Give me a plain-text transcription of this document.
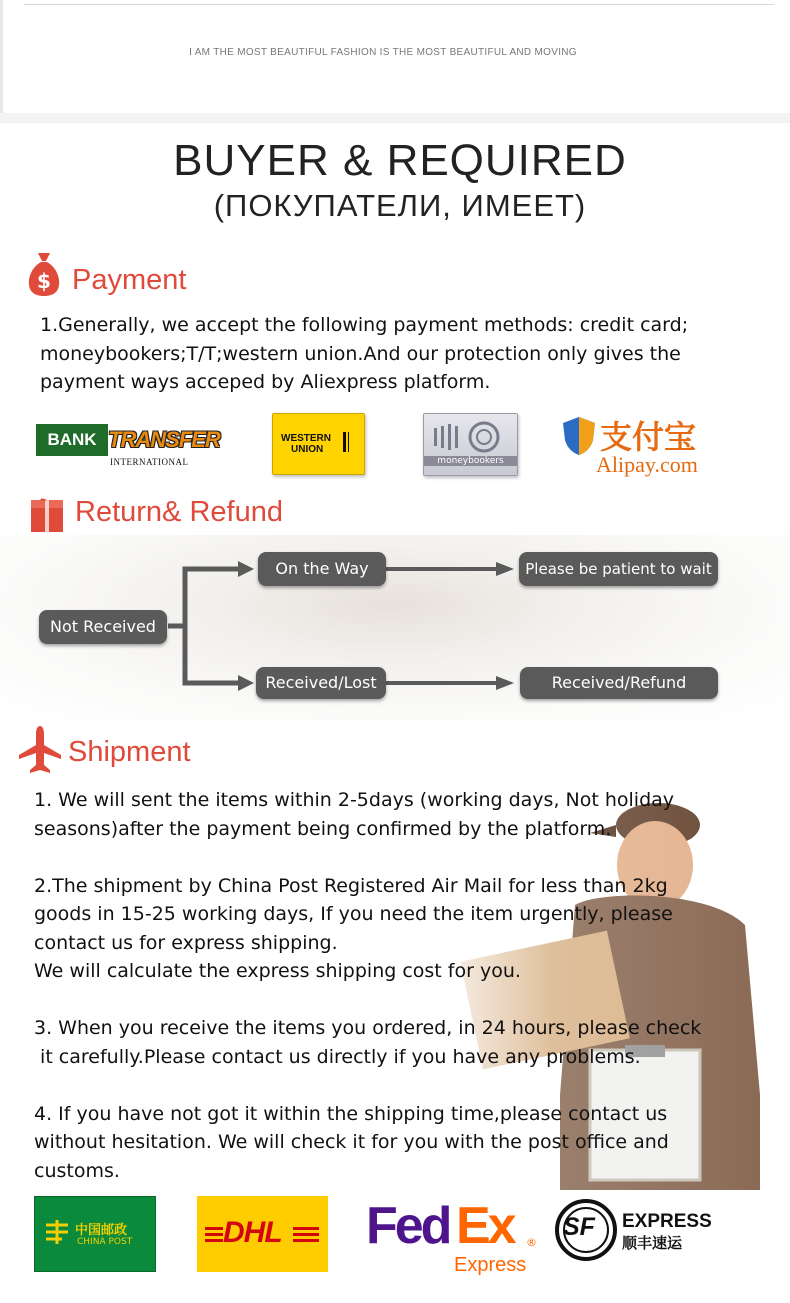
I AM THE MOST BEAUTIFUL FASHION IS THE MOST BEAUTIFUL AND MOVING
BUYER & REQUIRED
(ПОКУПАТЕЛИ, ИМЕЕТ)
$ Payment
1.Generally, we accept the following payment methods: credit card;
moneybookers;T/T;western union.And our protection only gives the
payment ways acceped by Aliexpress platform.
BANK TRANSFER
INTERNATIONAL
WESTERN
UNION
moneybookers
支付宝
Alipay.com
Return& Refund
Not Received
On the Way	Please be patient to wait
Received/Lost	Received/Refund
Shipment
1. We will sent the items within 2-5days (working days, Not holiday
seasons)after the payment being confirmed by the platform.
2.The shipment by China Post Registered Air Mail for less than 2kg
goods in 15-25 working days, If you need the item urgently, please
contact us for express shipping.
We will calculate the express shipping cost for you.
3. When you receive the items you ordered, in 24 hours, please check
it carefully.Please contact us directly if you have any problems.
4. If you have not got it within the shipping time,please contact us
without hesitation. We will check it for you with the post office and
customs.
中国邮政
CHINA POST	DHL Fed Ex ®
Express
SF EXPRESS
顺丰速运
